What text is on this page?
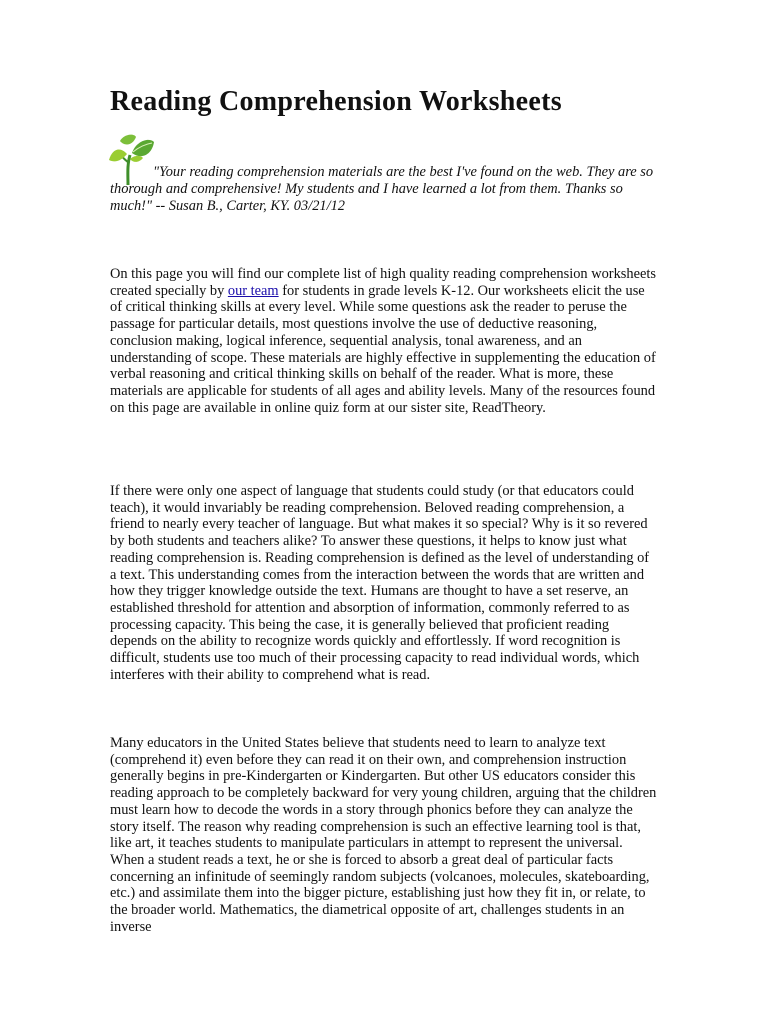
Reading Comprehension Worksheets

"Your reading comprehension materials are the best I've found on the web. They are so thorough and comprehensive! My students and I have learned a lot from them. Thanks so much!" -- Susan B., Carter, KY. 03/21/12

On this page you will find our complete list of high quality reading comprehension worksheets created specially by our team for students in grade levels K-12. Our worksheets elicit the use of critical thinking skills at every level. While some questions ask the reader to peruse the passage for particular details, most questions involve the use of deductive reasoning, conclusion making, logical inference, sequential analysis, tonal awareness, and an understanding of scope. These materials are highly effective in supplementing the education of verbal reasoning and critical thinking skills on behalf of the reader. What is more, these materials are applicable for students of all ages and ability levels. Many of the resources found on this page are available in online quiz form at our sister site, ReadTheory.

If there were only one aspect of language that students could study (or that educators could teach), it would invariably be reading comprehension. Beloved reading comprehension, a friend to nearly every teacher of language. But what makes it so special? Why is it so revered by both students and teachers alike? To answer these questions, it helps to know just what reading comprehension is. Reading comprehension is defined as the level of understanding of a text. This understanding comes from the interaction between the words that are written and how they trigger knowledge outside the text. Humans are thought to have a set reserve, an established threshold for attention and absorption of information, commonly referred to as processing capacity. This being the case, it is generally believed that proficient reading depends on the ability to recognize words quickly and effortlessly. If word recognition is difficult, students use too much of their processing capacity to read individual words, which interferes with their ability to comprehend what is read.

Many educators in the United States believe that students need to learn to analyze text (comprehend it) even before they can read it on their own, and comprehension instruction generally begins in pre-Kindergarten or Kindergarten. But other US educators consider this reading approach to be completely backward for very young children, arguing that the children must learn how to decode the words in a story through phonics before they can analyze the story itself. The reason why reading comprehension is such an effective learning tool is that, like art, it teaches students to manipulate particulars in attempt to represent the universal. When a student reads a text, he or she is forced to absorb a great deal of particular facts concerning an infinitude of seemingly random subjects (volcanoes, molecules, skateboarding, etc.) and assimilate them into the bigger picture, establishing just how they fit in, or relate, to the broader world. Mathematics, the diametrical opposite of art, challenges students in an inverse
